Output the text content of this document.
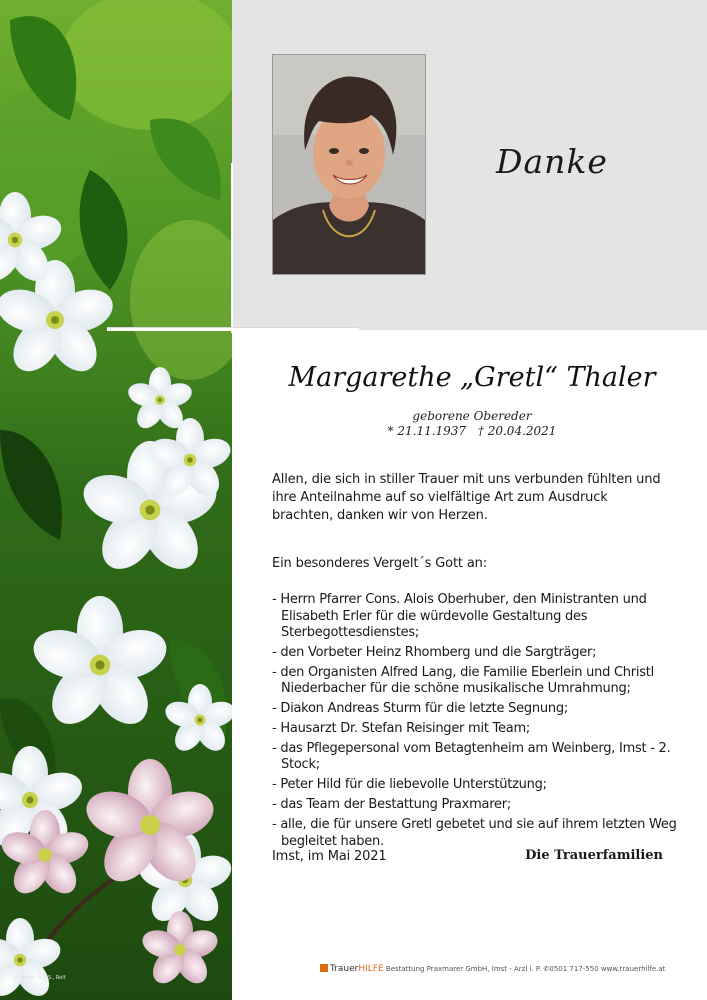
Danke
Margarethe „Gretl“ Thaler
geborene Obereder
* 21.11.1937 † 20.04.2021
Allen, die sich in stiller Trauer mit uns verbunden fühlten und ihre Anteilnahme auf so vielfältige Art zum Ausdruck brachten, danken wir von Herzen.
Ein besonderes Vergelt´s Gott an:
- Herrn Pfarrer Cons. Alois Oberhuber, den Ministranten und Elisabeth Erler für die würdevolle Gestaltung des Sterbegottesdienstes;
- den Vorbeter Heinz Rhomberg und die Sargträger;
- den Organisten Alfred Lang, die Familie Eberlein und Christl Niederbacher für die schöne musikalische Umrahmung;
- Diakon Andreas Sturm für die letzte Segnung;
- Hausarzt Dr. Stefan Reisinger mit Team;
- das Pflegepersonal vom Betagtenheim am Weinberg, Imst - 2. Stock;
- Peter Hild für die liebevolle Unterstützung;
- das Team der Bestattung Praxmarer;
- alle, die für unsere Gretl gebetet und sie auf ihrem letzten Weg begleitet haben.
Imst, im Mai 2021	Die Trauerfamilien
TrauerHILFE Bestattung Praxmarer GmbH, Imst - Arzl i. P. ✆0501 717-550 www.trauerhilfe.at
© Bilder: A.E.S., Rolf
